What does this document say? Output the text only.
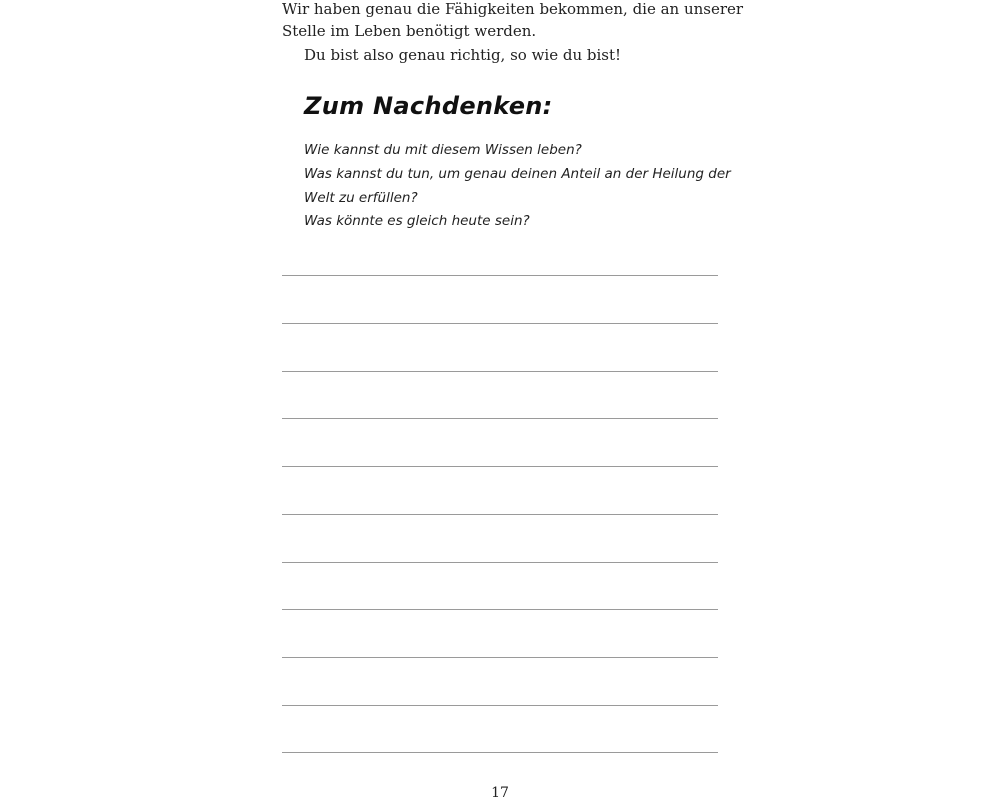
Wir haben genau die Fähigkeiten bekommen, die an unserer

Stelle im Leben benötigt werden.

Du bist also genau richtig, so wie du bist!

Zum Nachdenken:

Wie kannst du mit diesem Wissen leben?

Was kannst du tun, um genau deinen Anteil an der Heilung der

Welt zu erfüllen?

Was könnte es gleich heute sein?

17
